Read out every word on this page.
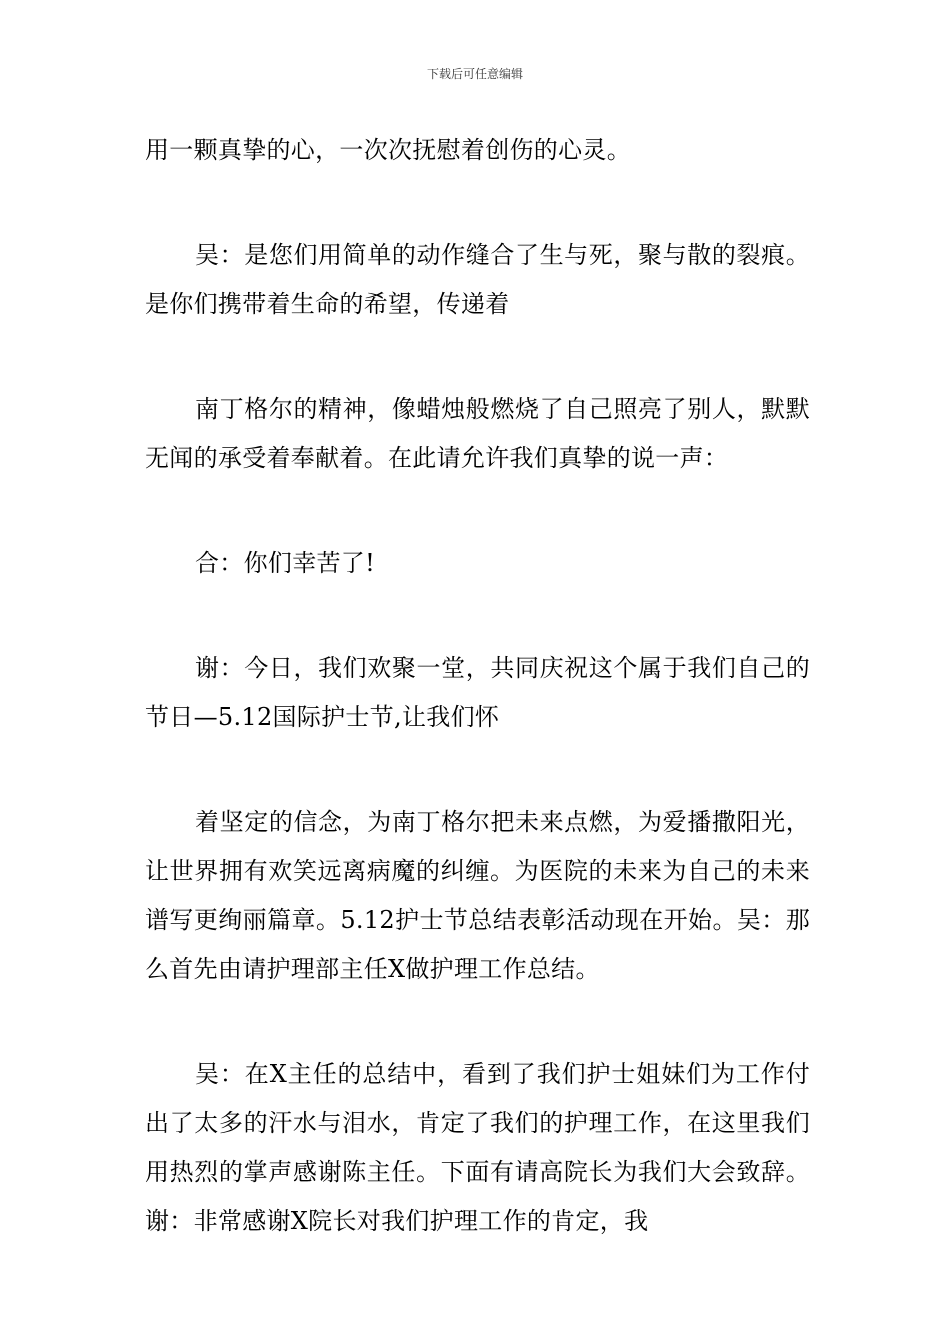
下载后可任意编辑

用一颗真挚的心，一次次抚慰着创伤的心灵。

吴：是您们用简单的动作缝合了生与死，聚与散的裂痕。是你们携带着生命的希望，传递着

南丁格尔的精神，像蜡烛般燃烧了自己照亮了别人，默默无闻的承受着奉献着。在此请允许我们真挚的说一声：

合：你们幸苦了!

谢：今日，我们欢聚一堂，共同庆祝这个属于我们自己的节日—5.12国际护士节,让我们怀

着坚定的信念，为南丁格尔把未来点燃，为爱播撒阳光，让世界拥有欢笑远离病魔的纠缠。为医院的未来为自己的未来谱写更绚丽篇章。5.12护士节总结表彰活动现在开始。吴：那么首先由请护理部主任X做护理工作总结。

吴：在X主任的总结中，看到了我们护士姐妹们为工作付出了太多的汗水与泪水，肯定了我们的护理工作，在这里我们用热烈的掌声感谢陈主任。下面有请高院长为我们大会致辞。谢：非常感谢X院长对我们护理工作的肯定，我
